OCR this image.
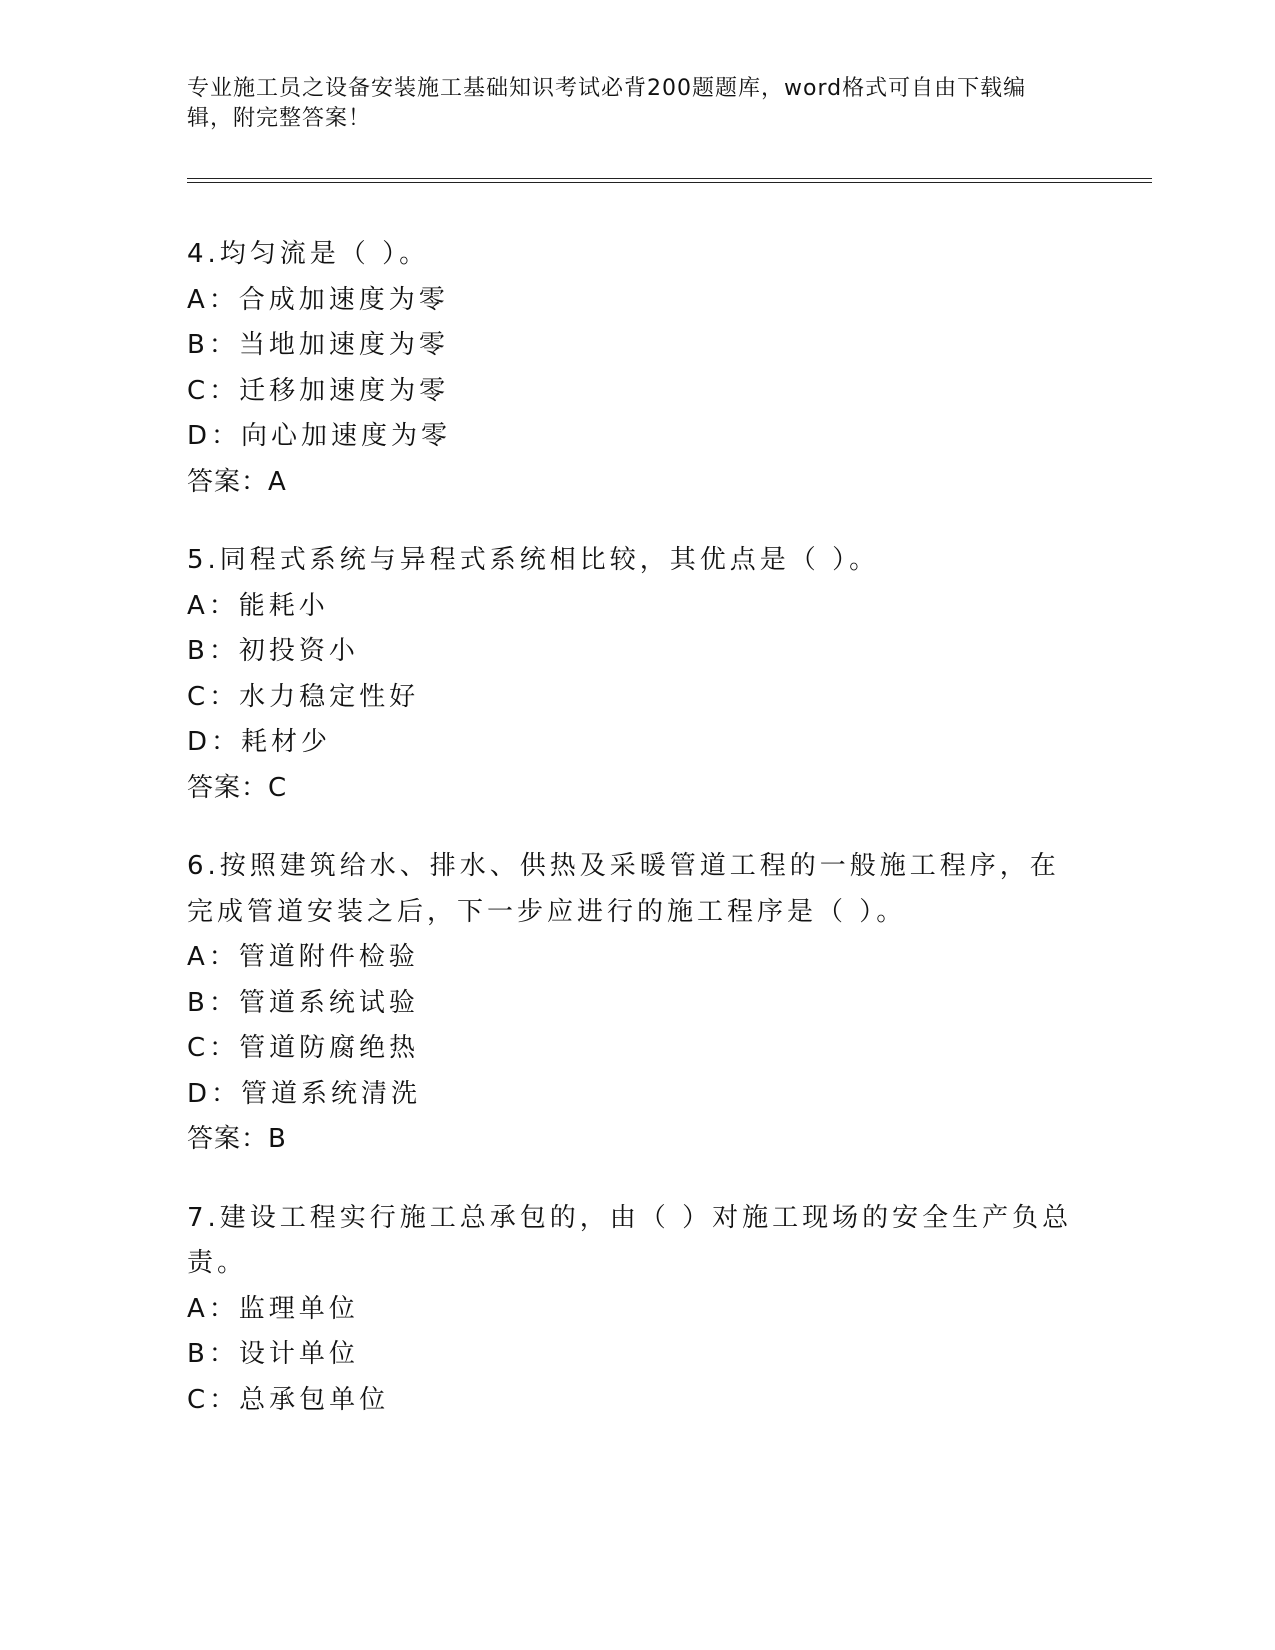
专业施工员之设备安装施工基础知识考试必背200题题库，word格式可自由下载编辑，附完整答案！
4.均匀流是（ ）。
A：合成加速度为零
B：当地加速度为零
C：迁移加速度为零
D：向心加速度为零
答案：A
5.同程式系统与异程式系统相比较，其优点是（ ）。
A：能耗小
B：初投资小
C：水力稳定性好
D：耗材少
答案：C
6.按照建筑给水、排水、供热及采暖管道工程的一般施工程序，在完成管道安装之后，下一步应进行的施工程序是（ ）。
A：管道附件检验
B：管道系统试验
C：管道防腐绝热
D：管道系统清洗
答案：B
7.建设工程实行施工总承包的，由（ ）对施工现场的安全生产负总责。
A：监理单位
B：设计单位
C：总承包单位
